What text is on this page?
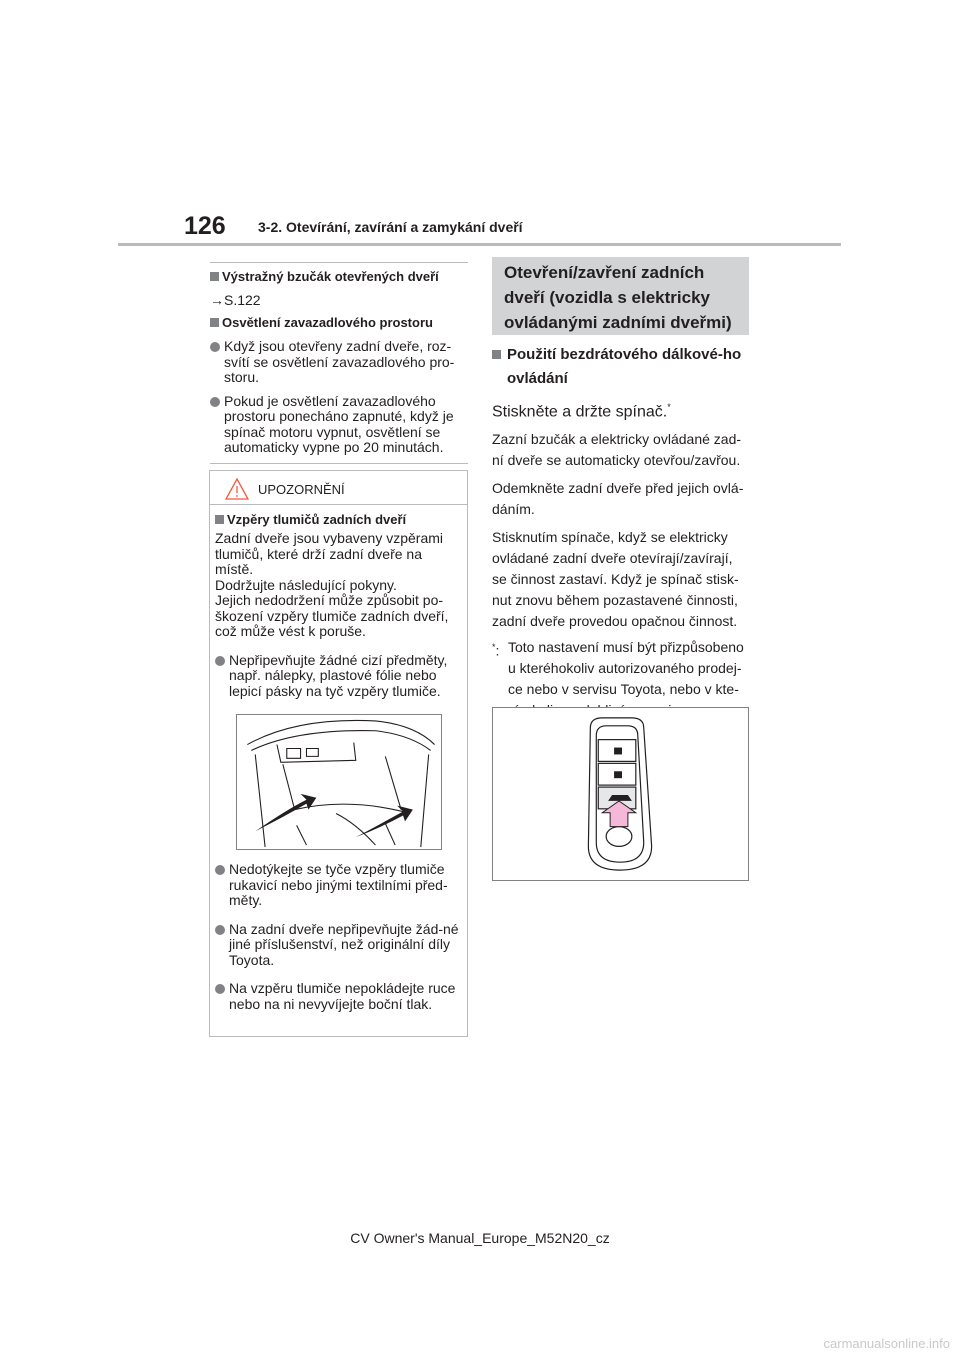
126 3-2. Otevírání, zavírání a zamykání dveří
Výstražný bzučák otevřených dveří
→S.122
Osvětlení zavazadlového prostoru
Když jsou otevřeny zadní dveře, roz-svítí se osvětlení zavazadlového pro-storu.
Pokud je osvětlení zavazadlového prostoru ponecháno zapnuté, když je spínač motoru vypnut, osvětlení se automaticky vypne po 20 minutách.
UPOZORNĚNÍ
Vzpěry tlumičů zadních dveří
Zadní dveře jsou vybaveny vzpěrami tlumičů, které drží zadní dveře na místě.
Dodržujte následující pokyny.
Jejich nedodržení může způsobit po-škození vzpěry tlumiče zadních dveří, což může vést k poruše.
Nepřipevňujte žádné cizí předměty, např. nálepky, plastové fólie nebo lepicí pásky na tyč vzpěry tlumiče.
Nedotýkejte se tyče vzpěry tlumiče rukavicí nebo jinými textilními před-měty.
Na zadní dveře nepřipevňujte žád-né jiné příslušenství, než originální díly Toyota.
Na vzpěru tlumiče nepokládejte ruce nebo na ni nevyvíjejte boční tlak.
Otevření/zavření zadních dveří (vozidla s elektricky ovládanými zadními dveřmi)
Použití bezdrátového dálkové-ho ovládání
Stiskněte a držte spínač.*
Zazní bzučák a elektricky ovládané zad-ní dveře se automaticky otevřou/zavřou.
Odemkněte zadní dveře před jejich ovlá-dáním.
Stisknutím spínače, když se elektricky ovládané zadní dveře otevírají/zavírají, se činnost zastaví. Když je spínač stisk-nut znovu během pozastavené činnosti, zadní dveře provedou opačnou činnost.
*: Toto nastavení musí být přizpůsobeno u kteréhokoliv autorizovaného prodej-ce nebo v servisu Toyota, nebo v kte-rémkoliv spolehlivém servisu.
CV Owner's Manual_Europe_M52N20_cz
carmanualsonline.info
